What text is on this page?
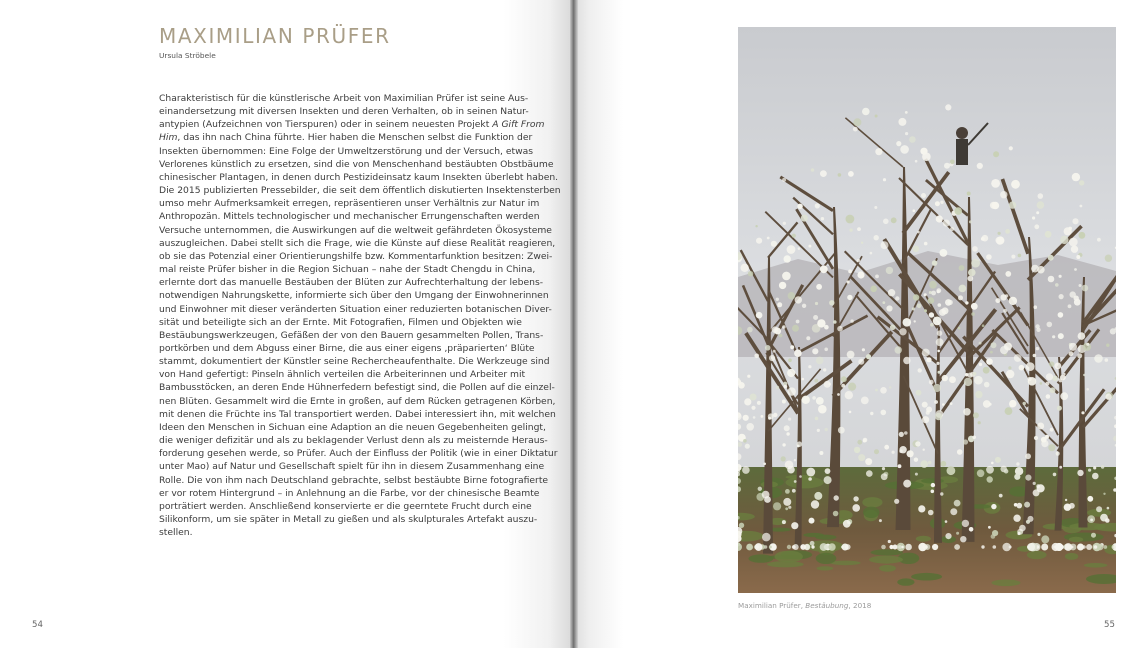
MAXIMILIAN PRÜFER
Ursula Ströbele
Charakteristisch für die künstlerische Arbeit von Maximilian Prüfer ist seine Aus-
einandersetzung mit diversen Insekten und deren Verhalten, ob in seinen Natur-
antypien (Aufzeichnen von Tierspuren) oder in seinem neuesten Projekt A Gift From
Him, das ihn nach China führte. Hier haben die Menschen selbst die Funktion der
Insekten übernommen: Eine Folge der Umweltzerstörung und der Versuch, etwas
Verlorenes künstlich zu ersetzen, sind die von Menschenhand bestäubten Obstbäume
chinesischer Plantagen, in denen durch Pestizideinsatz kaum Insekten überlebt haben.
Die 2015 publizierten Pressebilder, die seit dem öffentlich diskutierten Insektensterben
umso mehr Aufmerksamkeit erregen, repräsentieren unser Verhältnis zur Natur im
Anthropozän. Mittels technologischer und mechanischer Errungenschaften werden
Versuche unternommen, die Auswirkungen auf die weltweit gefährdeten Ökosysteme
auszugleichen. Dabei stellt sich die Frage, wie die Künste auf diese Realität reagieren,
ob sie das Potenzial einer Orientierungshilfe bzw. Kommentarfunktion besitzen: Zwei-
mal reiste Prüfer bisher in die Region Sichuan – nahe der Stadt Chengdu in China,
erlernte dort das manuelle Bestäuben der Blüten zur Aufrechterhaltung der lebens-
notwendigen Nahrungskette, informierte sich über den Umgang der Einwohnerinnen
und Einwohner mit dieser veränderten Situation einer reduzierten botanischen Diver-
sität und beteiligte sich an der Ernte. Mit Fotografien, Filmen und Objekten wie
Bestäubungswerkzeugen, Gefäßen der von den Bauern gesammelten Pollen, Trans-
portkörben und dem Abguss einer Birne, die aus einer eigens ‚präparierten‘ Blüte
stammt, dokumentiert der Künstler seine Rechercheaufenthalte. Die Werkzeuge sind
von Hand gefertigt: Pinseln ähnlich verteilen die Arbeiterinnen und Arbeiter mit
Bambusstöcken, an deren Ende Hühnerfedern befestigt sind, die Pollen auf die einzel-
nen Blüten. Gesammelt wird die Ernte in großen, auf dem Rücken getragenen Körben,
mit denen die Früchte ins Tal transportiert werden. Dabei interessiert ihn, mit welchen
Ideen den Menschen in Sichuan eine Adaption an die neuen Gegebenheiten gelingt,
die weniger defizitär und als zu beklagender Verlust denn als zu meisternde Heraus-
forderung gesehen werde, so Prüfer. Auch der Einfluss der Politik (wie in einer Diktatur
unter Mao) auf Natur und Gesellschaft spielt für ihn in diesem Zusammenhang eine
Rolle. Die von ihm nach Deutschland gebrachte, selbst bestäubte Birne fotografierte
er vor rotem Hintergrund – in Anlehnung an die Farbe, vor der chinesische Beamte
porträtiert werden. Anschließend konservierte er die geerntete Frucht durch eine
Silikonform, um sie später in Metall zu gießen und als skulpturales Artefakt auszu-
stellen.
54	55
Maximilian Prüfer, Bestäubung, 2018
